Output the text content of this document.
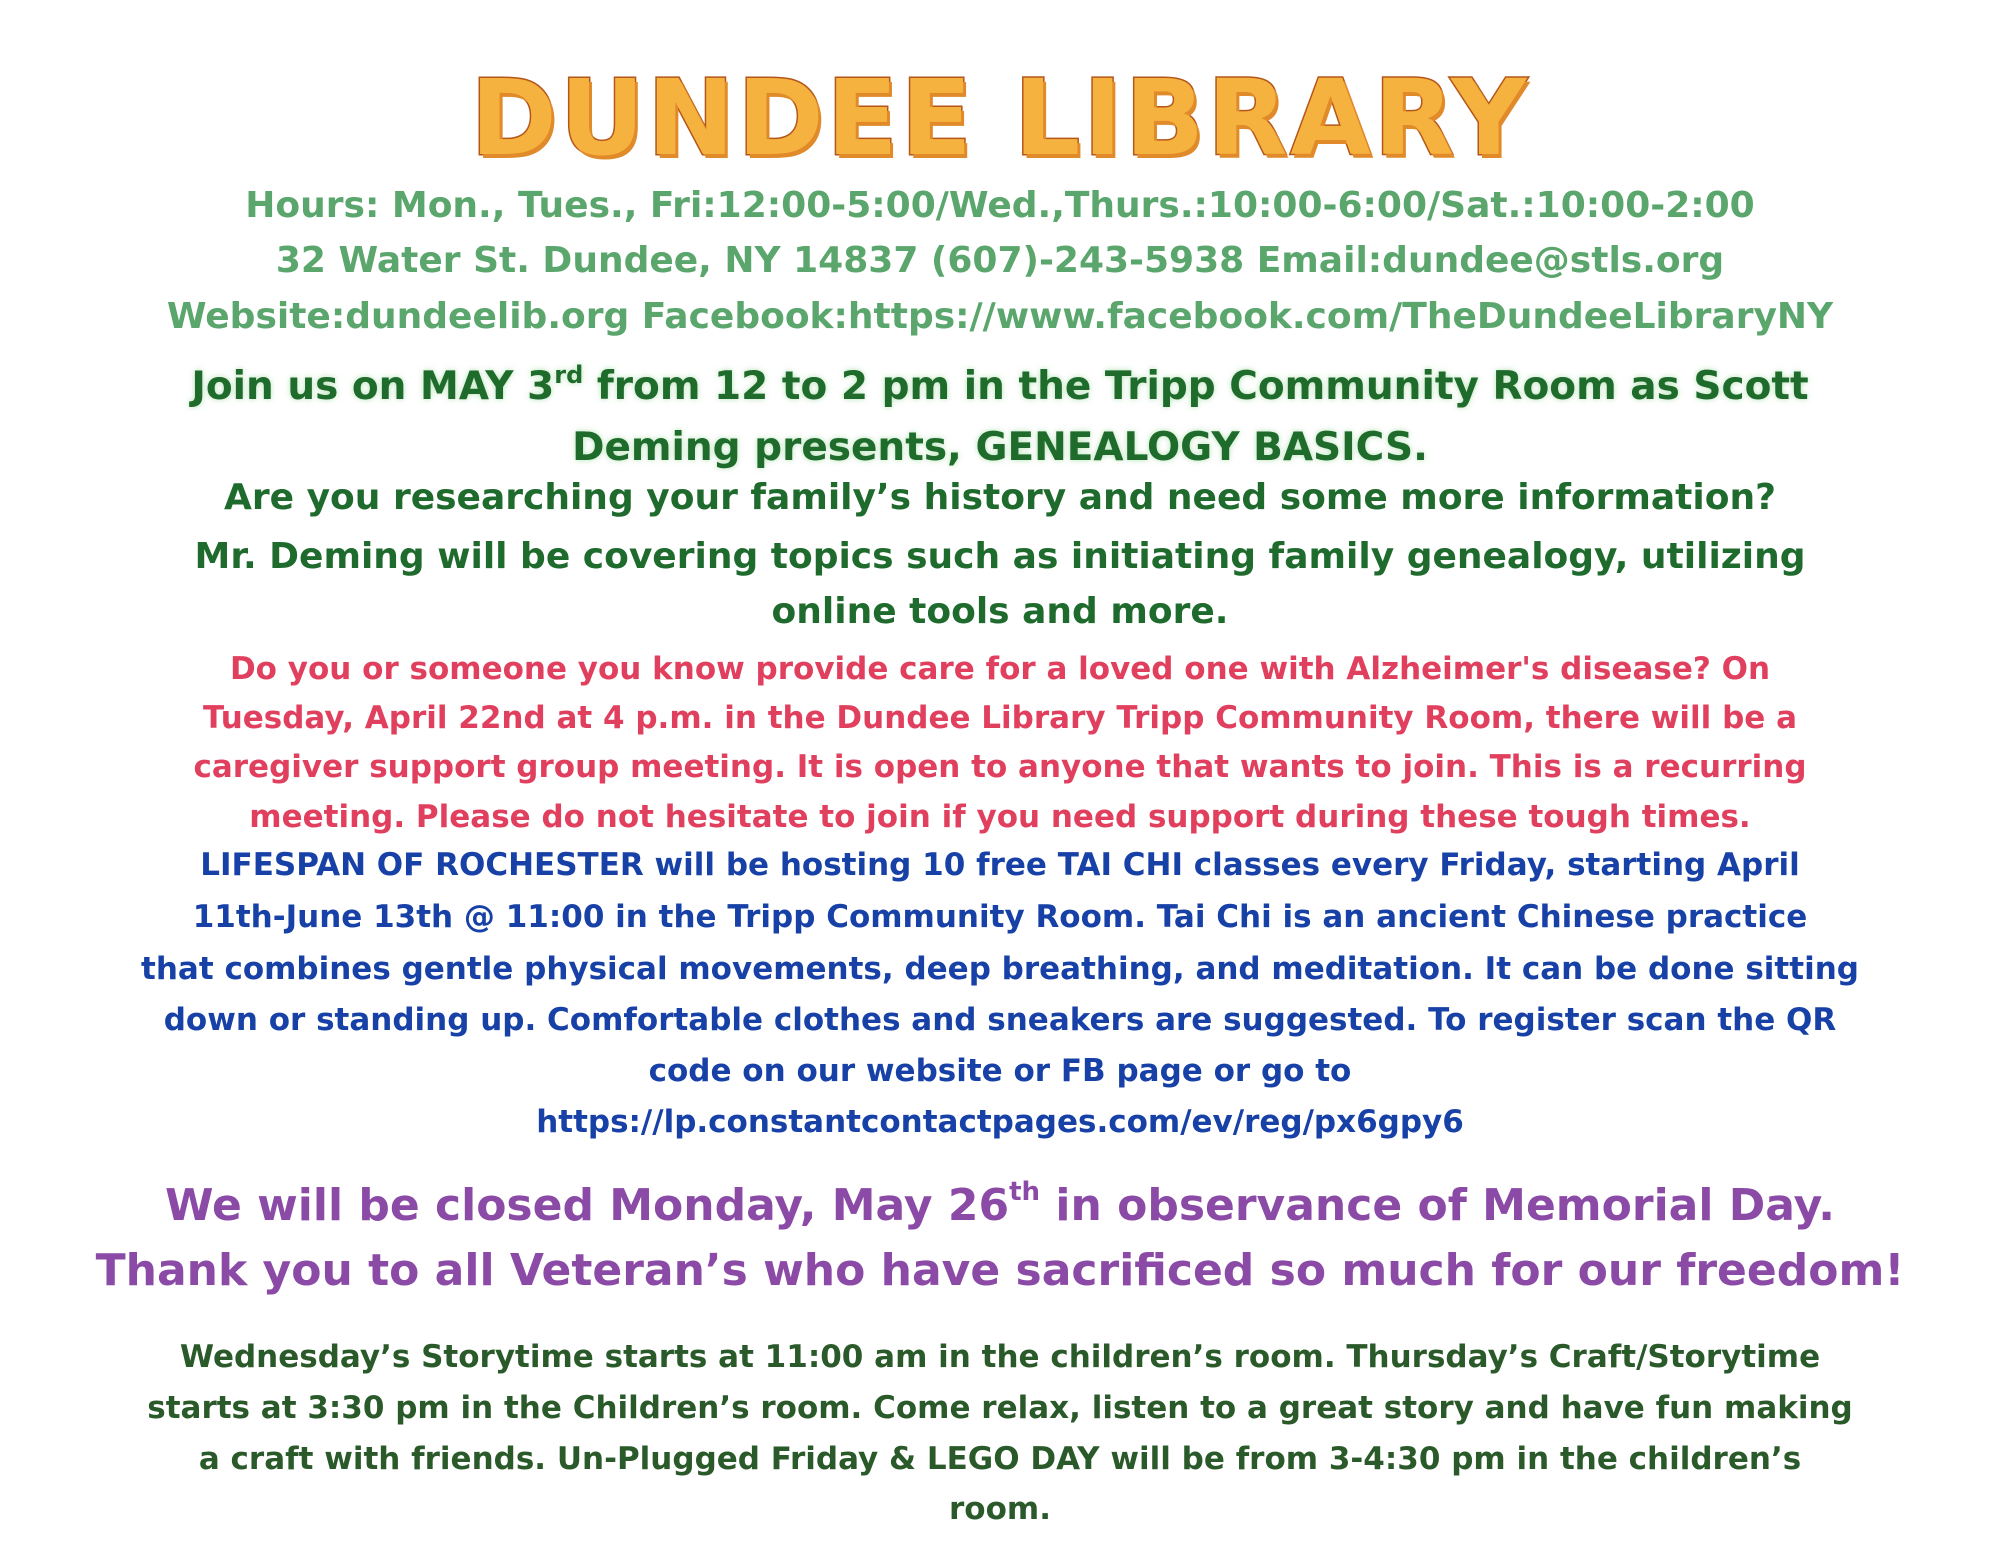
DUNDEE LIBRARY
Hours: Mon., Tues., Fri:12:00-5:00/Wed.,Thurs.:10:00-6:00/Sat.:10:00-2:00
32 Water St. Dundee, NY 14837 (607)-243-5938 Email:dundee@stls.org
Website:dundeelib.org Facebook:https://www.facebook.com/TheDundeeLibraryNY
Join us on MAY 3rd from 12 to 2 pm in the Tripp Community Room as Scott
Deming presents, GENEALOGY BASICS.
Are you researching your family’s history and need some more information?
Mr. Deming will be covering topics such as initiating family genealogy, utilizing
online tools and more.
Do you or someone you know provide care for a loved one with Alzheimer's disease? On
Tuesday, April 22nd at 4 p.m. in the Dundee Library Tripp Community Room, there will be a
caregiver support group meeting. It is open to anyone that wants to join. This is a recurring
meeting. Please do not hesitate to join if you need support during these tough times.
LIFESPAN OF ROCHESTER will be hosting 10 free TAI CHI classes every Friday, starting April
11th-June 13th @ 11:00 in the Tripp Community Room. Tai Chi is an ancient Chinese practice
that combines gentle physical movements, deep breathing, and meditation. It can be done sitting
down or standing up. Comfortable clothes and sneakers are suggested. To register scan the QR
code on our website or FB page or go to
https://lp.constantcontactpages.com/ev/reg/px6gpy6
We will be closed Monday, May 26th in observance of Memorial Day.
Thank you to all Veteran’s who have sacrificed so much for our freedom!
Wednesday’s Storytime starts at 11:00 am in the children’s room. Thursday’s Craft/Storytime
starts at 3:30 pm in the Children’s room. Come relax, listen to a great story and have fun making
a craft with friends. Un-Plugged Friday & LEGO DAY will be from 3-4:30 pm in the children’s
room.
